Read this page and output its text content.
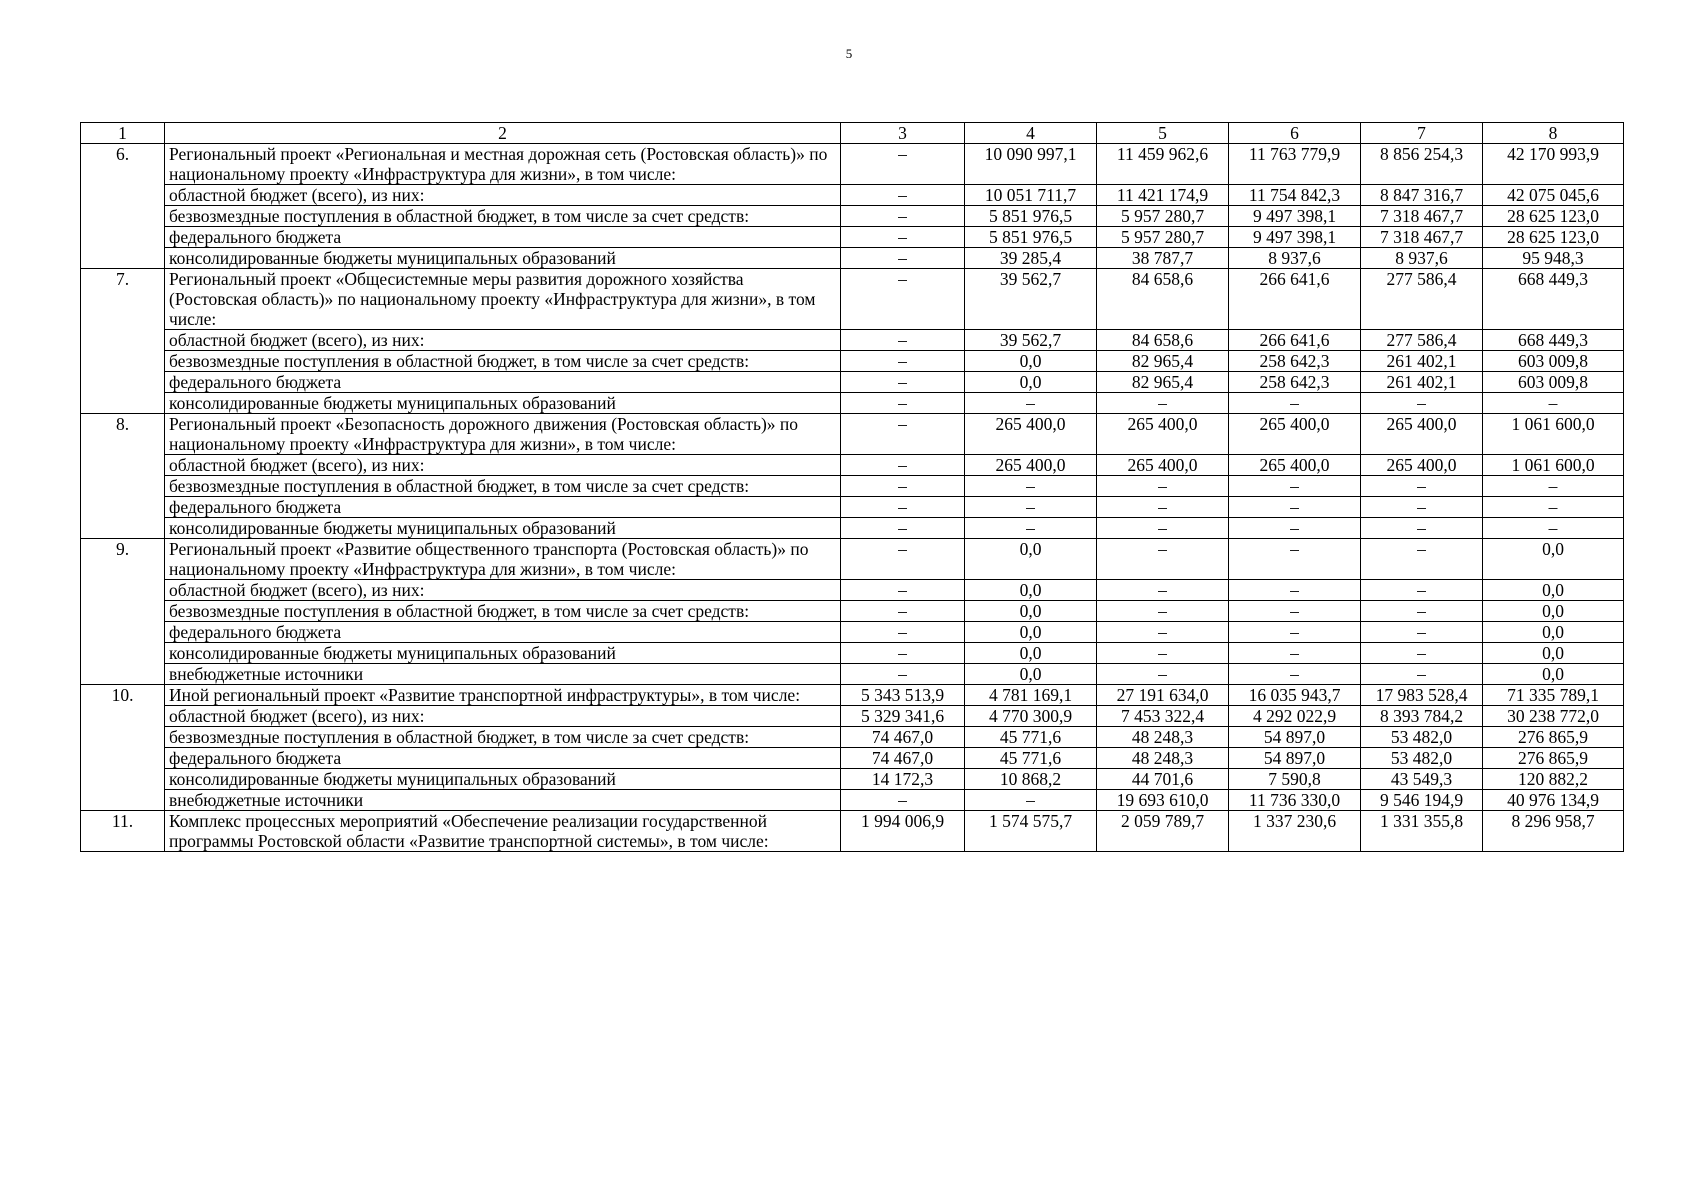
5
1	2	3	4	5	6	7	8
6.	Региональный проект «Региональная и местная дорожная сеть (Ростовская область)» по национальному проекту «Инфраструктура для жизни», в том числе:	–	10 090 997,1	11 459 962,6	11 763 779,9	8 856 254,3	42 170 993,9
	областной бюджет (всего), из них:	–	10 051 711,7	11 421 174,9	11 754 842,3	8 847 316,7	42 075 045,6
	безвозмездные поступления в областной бюджет, в том числе за счет средств:	–	5 851 976,5	5 957 280,7	9 497 398,1	7 318 467,7	28 625 123,0
	федерального бюджета	–	5 851 976,5	5 957 280,7	9 497 398,1	7 318 467,7	28 625 123,0
	консолидированные бюджеты муниципальных образований	–	39 285,4	38 787,7	8 937,6	8 937,6	95 948,3
7.	Региональный проект «Общесистемные меры развития дорожного хозяйства (Ростовская область)» по национальному проекту «Инфраструктура для жизни», в том числе:	–	39 562,7	84 658,6	266 641,6	277 586,4	668 449,3
	областной бюджет (всего), из них:	–	39 562,7	84 658,6	266 641,6	277 586,4	668 449,3
	безвозмездные поступления в областной бюджет, в том числе за счет средств:	–	0,0	82 965,4	258 642,3	261 402,1	603 009,8
	федерального бюджета	–	0,0	82 965,4	258 642,3	261 402,1	603 009,8
	консолидированные бюджеты муниципальных образований	–	–	–	–	–	–
8.	Региональный проект «Безопасность дорожного движения (Ростовская область)» по национальному проекту «Инфраструктура для жизни», в том числе:	–	265 400,0	265 400,0	265 400,0	265 400,0	1 061 600,0
	областной бюджет (всего), из них:	–	265 400,0	265 400,0	265 400,0	265 400,0	1 061 600,0
	безвозмездные поступления в областной бюджет, в том числе за счет средств:	–	–	–	–	–	–
	федерального бюджета	–	–	–	–	–	–
	консолидированные бюджеты муниципальных образований	–	–	–	–	–	–
9.	Региональный проект «Развитие общественного транспорта (Ростовская область)» по национальному проекту «Инфраструктура для жизни», в том числе:	–	0,0	–	–	–	0,0
	областной бюджет (всего), из них:	–	0,0	–	–	–	0,0
	безвозмездные поступления в областной бюджет, в том числе за счет средств:	–	0,0	–	–	–	0,0
	федерального бюджета	–	0,0	–	–	–	0,0
	консолидированные бюджеты муниципальных образований	–	0,0	–	–	–	0,0
	внебюджетные источники	–	0,0	–	–	–	0,0
10.	Иной региональный проект «Развитие транспортной инфраструктуры», в том числе:	5 343 513,9	4 781 169,1	27 191 634,0	16 035 943,7	17 983 528,4	71 335 789,1
	областной бюджет (всего), из них:	5 329 341,6	4 770 300,9	7 453 322,4	4 292 022,9	8 393 784,2	30 238 772,0
	безвозмездные поступления в областной бюджет, в том числе за счет средств:	74 467,0	45 771,6	48 248,3	54 897,0	53 482,0	276 865,9
	федерального бюджета	74 467,0	45 771,6	48 248,3	54 897,0	53 482,0	276 865,9
	консолидированные бюджеты муниципальных образований	14 172,3	10 868,2	44 701,6	7 590,8	43 549,3	120 882,2
	внебюджетные источники	–	–	19 693 610,0	11 736 330,0	9 546 194,9	40 976 134,9
11.	Комплекс процессных мероприятий «Обеспечение реализации государственной программы Ростовской области «Развитие транспортной системы», в том числе:	1 994 006,9	1 574 575,7	2 059 789,7	1 337 230,6	1 331 355,8	8 296 958,7
